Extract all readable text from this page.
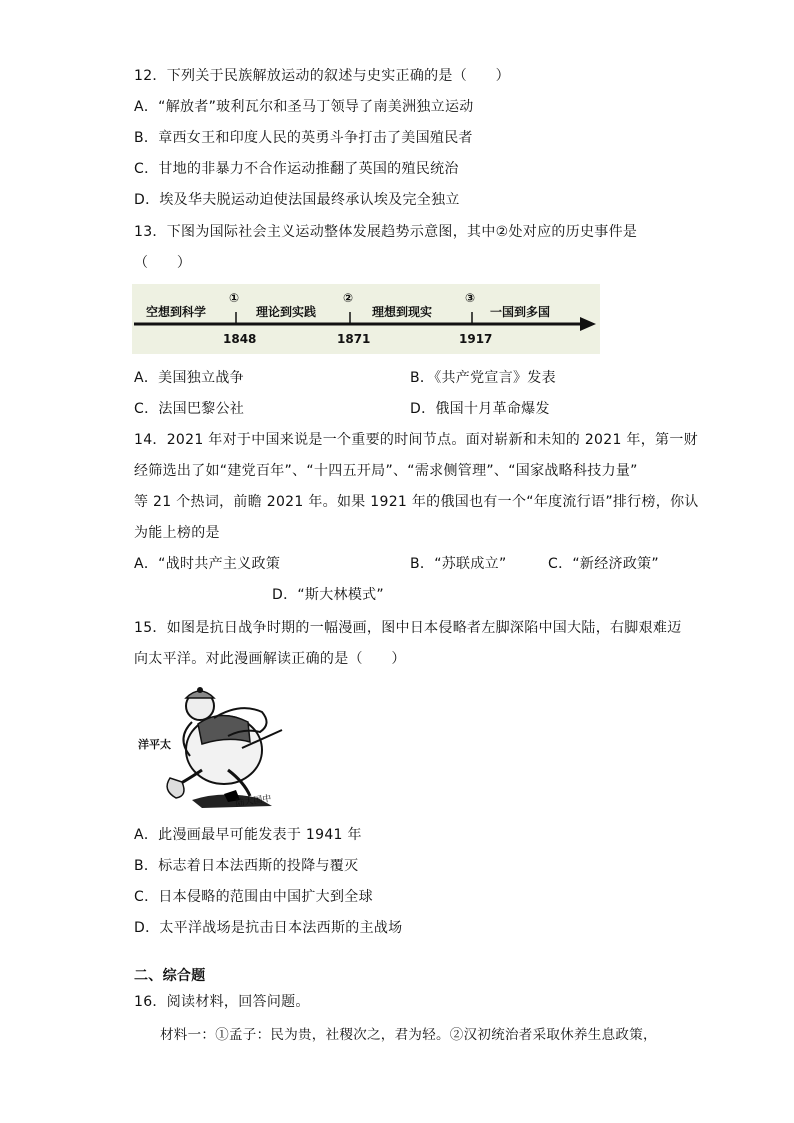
12．下列关于民族解放运动的叙述与史实正确的是（　　）
A．“解放者”玻利瓦尔和圣马丁领导了南美洲独立运动
B．章西女王和印度人民的英勇斗争打击了美国殖民者
C．甘地的非暴力不合作运动推翻了英国的殖民统治
D．埃及华夫脱运动迫使法国最终承认埃及完全独立
13．下图为国际社会主义运动整体发展趋势示意图，其中②处对应的历史事件是
（　　）
空想到科学	理论到实践	理想到现实	一国到多国
①	②	③
1848	1871	1917
A．美国独立战争	B．《共产党宣言》发表
C．法国巴黎公社	D．俄国十月革命爆发
14．2021 年对于中国来说是一个重要的时间节点。面对崭新和未知的 2021 年，第一财
经筛选出了如“建党百年”、“十四五开局”、“需求侧管理”、“国家战略科技力量”
等 21 个热词，前瞻 2021 年。如果 1921 年的俄国也有一个“年度流行语”排行榜，你认
为能上榜的是
A．“战时共产主义政策	B．“苏联成立”	C．“新经济政策”
D．“斯大林模式”
15．如图是抗日战争时期的一幅漫画，图中日本侵略者左脚深陷中国大陆，右脚艰难迈
向太平洋。对此漫画解读正确的是（　　）
洋平太
陆大国中
A．此漫画最早可能发表于 1941 年
B．标志着日本法西斯的投降与覆灭
C．日本侵略的范围由中国扩大到全球
D．太平洋战场是抗击日本法西斯的主战场
二、综合题
16．阅读材料，回答问题。
材料一：①孟子：民为贵，社稷次之，君为轻。②汉初统治者采取休养生息政策，
